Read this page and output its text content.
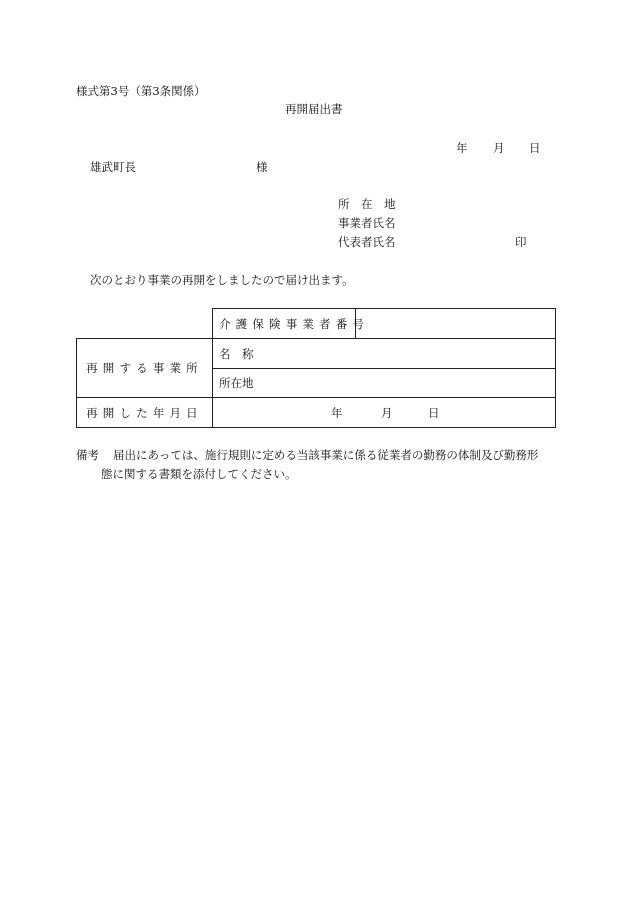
様式第3号（第3条関係）
再開届出書
年 月 日
雄武町長	様
所　在　地
事業者氏名
代表者氏名	印
次のとおり事業の再開をしましたので届け出ます。
	介護保険事業者番号	
再開する事業所	名　称	
	所在地	
再開した年月日	年 月 日	
備考 届出にあっては、施行規則に定める当該事業に係る従業者の勤務の体制及び勤務形
態に関する書類を添付してください。
